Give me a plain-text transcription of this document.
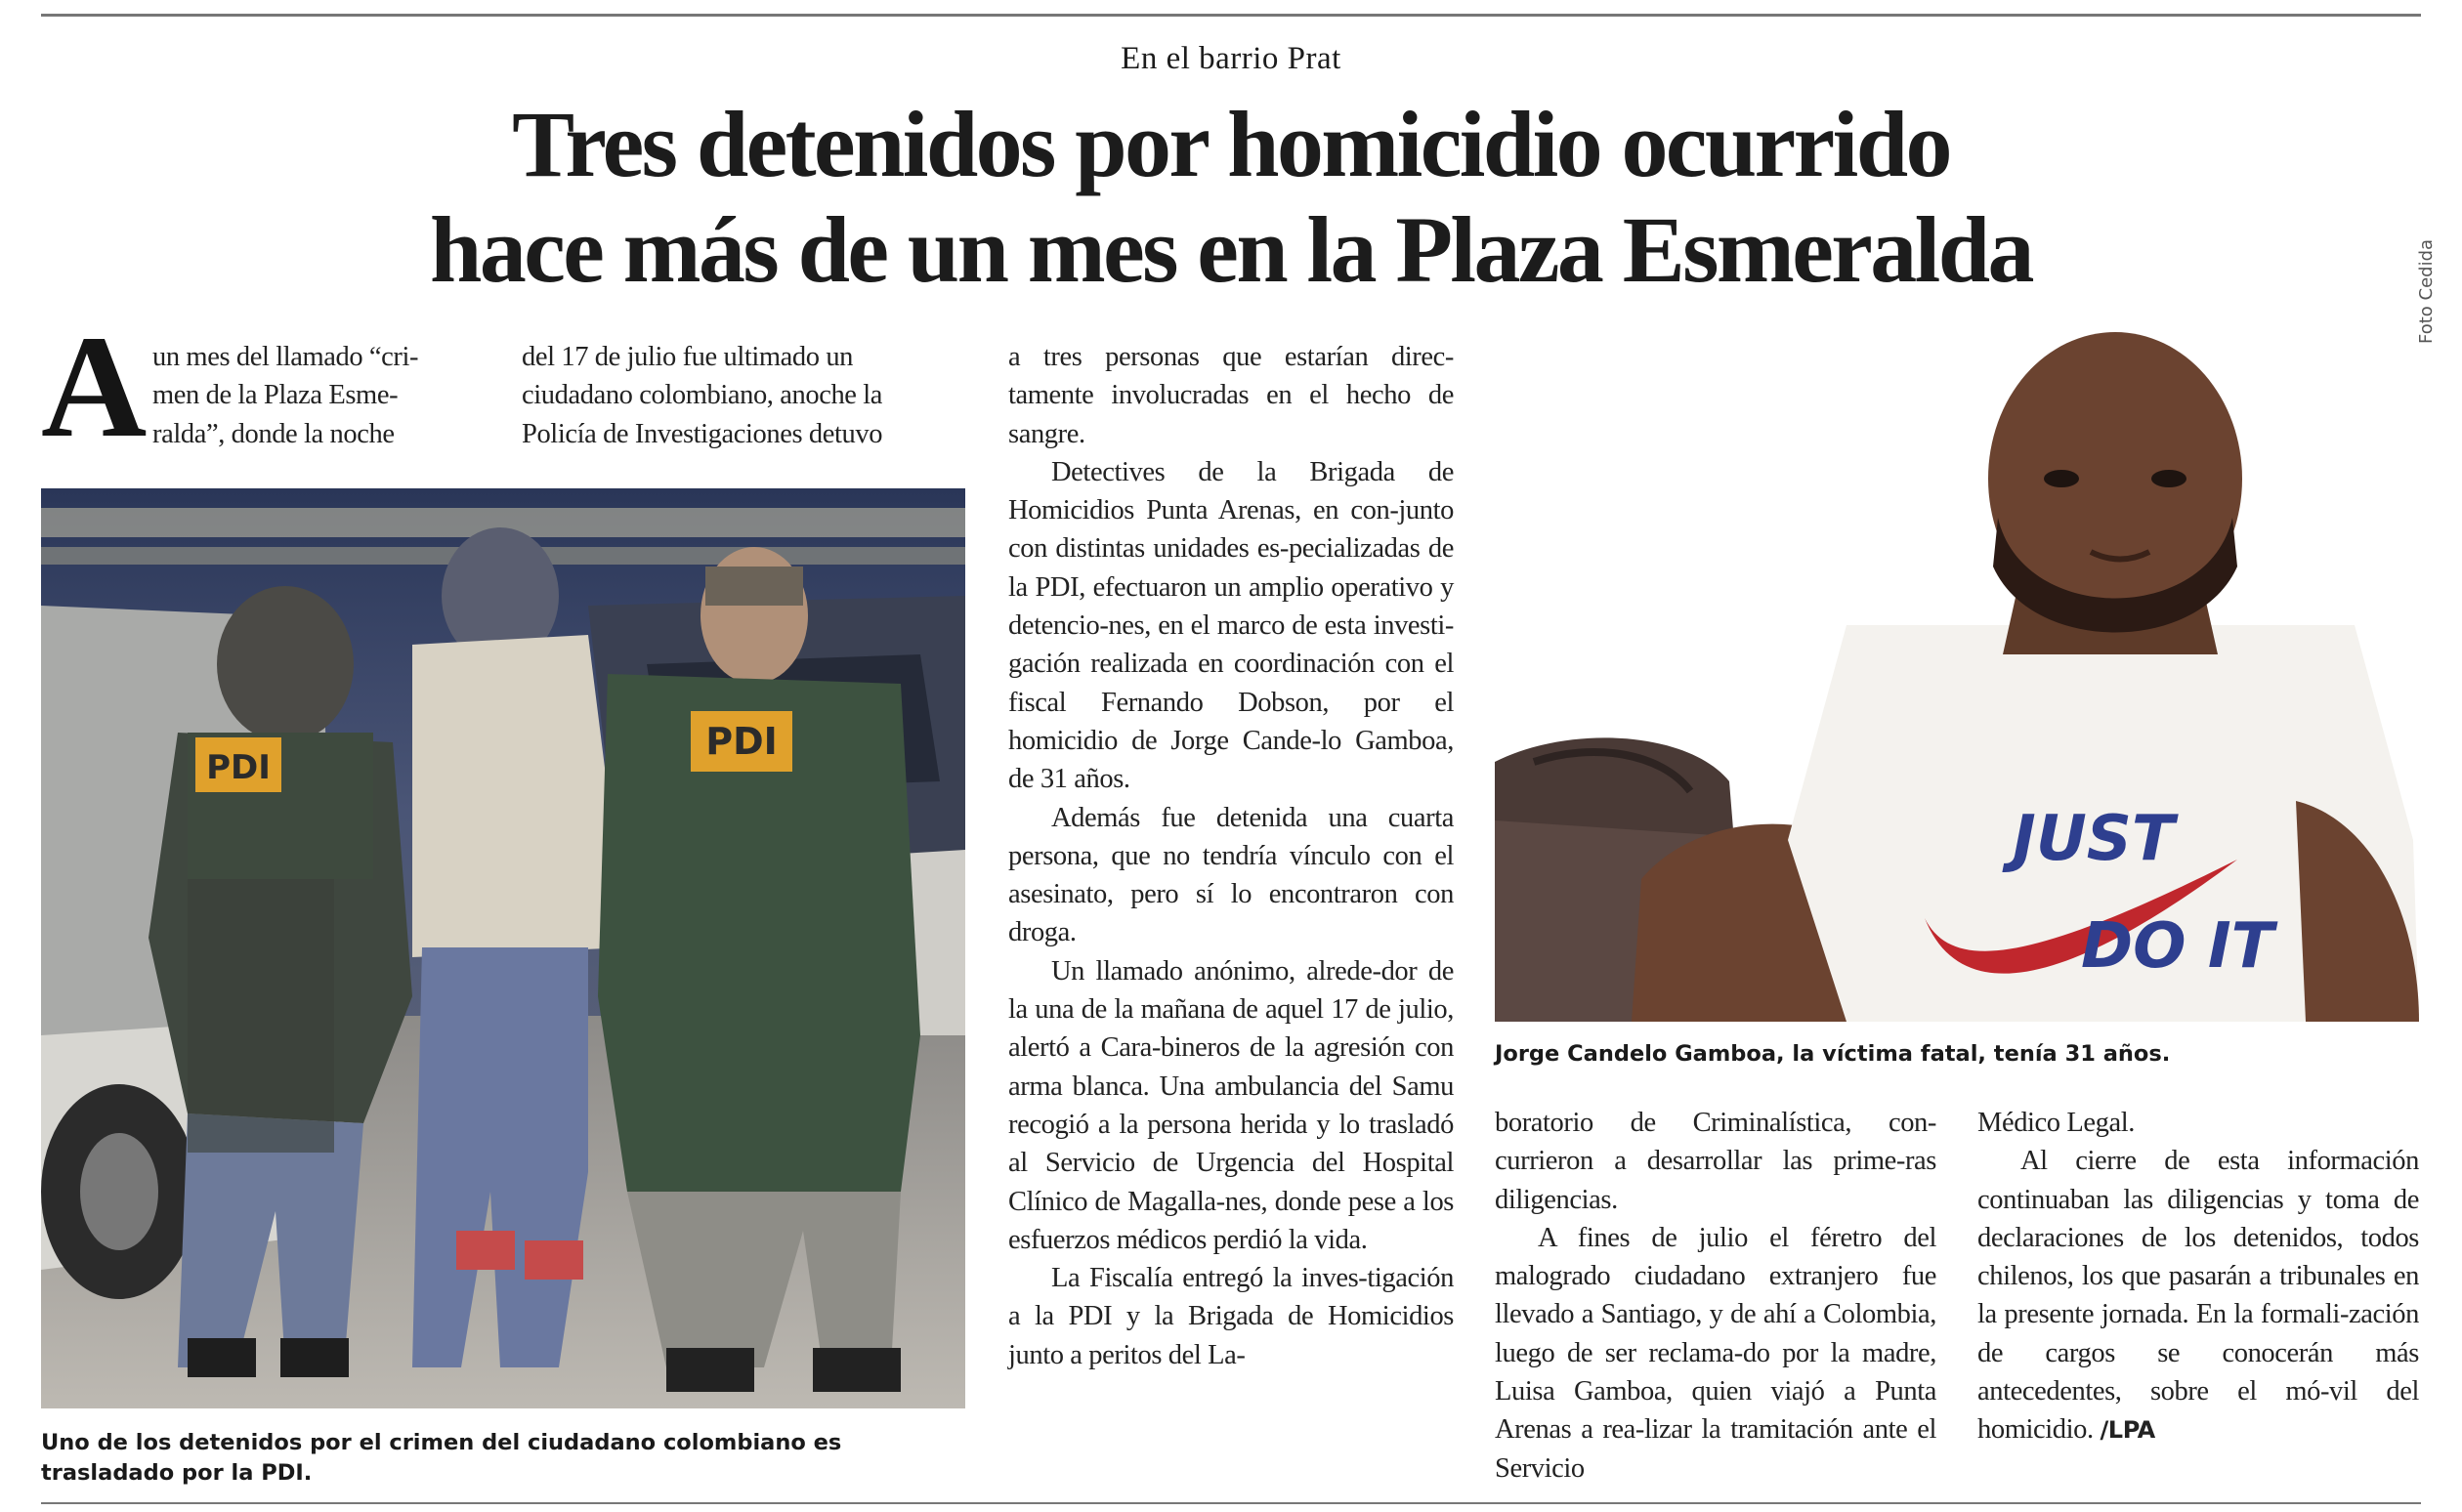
En el barrio Prat
Tres detenidos por homicidio ocurrido
hace más de un mes en la Plaza Esmeralda
A un mes del llamado “cri-
men de la Plaza Esme-
ralda”, donde la noche
del 17 de julio fue ultimado un
ciudadano colombiano, anoche la
Policía de Investigaciones detuvo
PDI
PDI
Uno de los detenidos por el crimen del ciudadano colombiano es trasladado por la PDI.

a tres personas que estarían direc-tamente involucradas en el hecho de sangre.

Detectives de la Brigada de Homicidios Punta Arenas, en con-junto con distintas unidades es-pecializadas de la PDI, efectuaron un amplio operativo y detencio-nes, en el marco de esta investi-gación realizada en coordinación con el fiscal Fernando Dobson, por el homicidio de Jorge Cande-lo Gamboa, de 31 años.

Además fue detenida una cuarta persona, que no tendría vínculo con el asesinato, pero sí lo encontraron con droga.

Un llamado anónimo, alrede-dor de la una de la mañana de aquel 17 de julio, alertó a Cara-bineros de la agresión con arma blanca. Una ambulancia del Samu recogió a la persona herida y lo trasladó al Servicio de Urgencia del Hospital Clínico de Magalla-nes, donde pese a los esfuerzos médicos perdió la vida.

La Fiscalía entregó la inves-tigación a la PDI y la Brigada de Homicidios junto a peritos del La-

JUST
DO IT
Jorge Candelo Gamboa, la víctima fatal, tenía 31 años.
Foto Cedida

boratorio de Criminalística, con-currieron a desarrollar las prime-ras diligencias.

A fines de julio el féretro del malogrado ciudadano extranjero fue llevado a Santiago, y de ahí a Colombia, luego de ser reclama-do por la madre, Luisa Gamboa, quien viajó a Punta Arenas a rea-lizar la tramitación ante el Servicio

Médico Legal.

Al cierre de esta información continuaban las diligencias y toma de declaraciones de los detenidos, todos chilenos, los que pasarán a tribunales en la presente jornada. En la formali-zación de cargos se conocerán más antecedentes, sobre el mó-vil del homicidio. /LPA
